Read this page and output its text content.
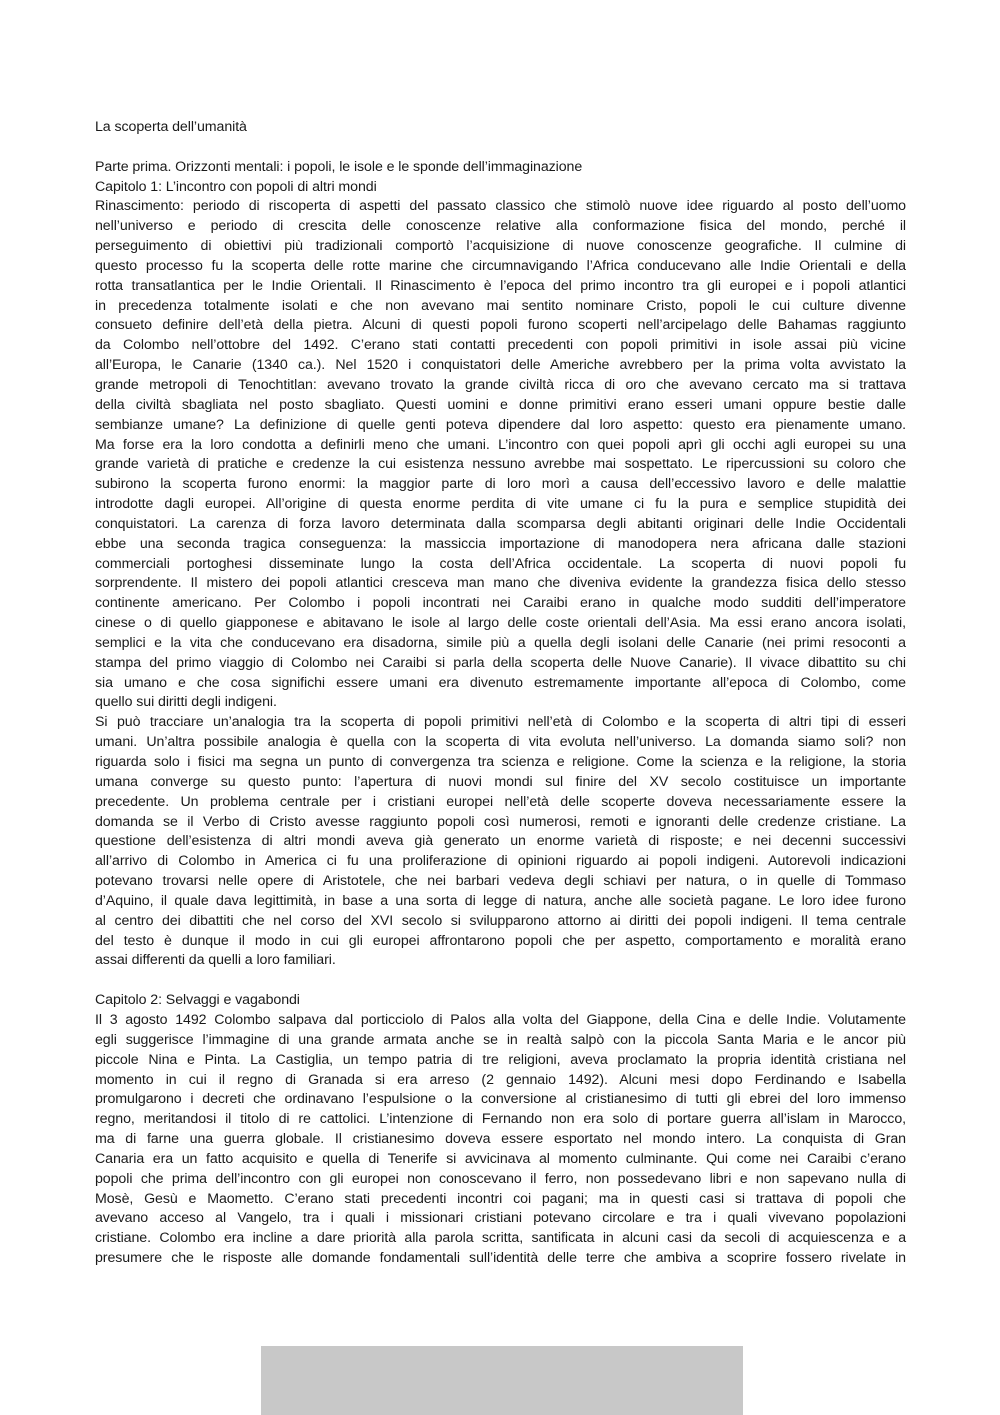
La scoperta dell’umanità
Parte prima. Orizzonti mentali: i popoli, le isole e le sponde dell’immaginazione
Capitolo 1: L’incontro con popoli di altri mondi
Rinascimento: periodo di riscoperta di aspetti del passato classico che stimolò nuove idee riguardo al posto dell’uomo
nell’universo e periodo di crescita delle conoscenze relative alla conformazione fisica del mondo, perché il
perseguimento di obiettivi più tradizionali comportò l’acquisizione di nuove conoscenze geografiche. Il culmine di
questo processo fu la scoperta delle rotte marine che circumnavigando l’Africa conducevano alle Indie Orientali e della
rotta transatlantica per le Indie Orientali. Il Rinascimento è l’epoca del primo incontro tra gli europei e i popoli atlantici
in precedenza totalmente isolati e che non avevano mai sentito nominare Cristo, popoli le cui culture divenne
consueto definire dell’età della pietra. Alcuni di questi popoli furono scoperti nell’arcipelago delle Bahamas raggiunto
da Colombo nell’ottobre del 1492. C’erano stati contatti precedenti con popoli primitivi in isole assai più vicine
all’Europa, le Canarie (1340 ca.). Nel 1520 i conquistatori delle Americhe avrebbero per la prima volta avvistato la
grande metropoli di Tenochtitlan: avevano trovato la grande civiltà ricca di oro che avevano cercato ma si trattava
della civiltà sbagliata nel posto sbagliato. Questi uomini e donne primitivi erano esseri umani oppure bestie dalle
sembianze umane? La definizione di quelle genti poteva dipendere dal loro aspetto: questo era pienamente umano.
Ma forse era la loro condotta a definirli meno che umani. L’incontro con quei popoli aprì gli occhi agli europei su una
grande varietà di pratiche e credenze la cui esistenza nessuno avrebbe mai sospettato. Le ripercussioni su coloro che
subirono la scoperta furono enormi: la maggior parte di loro morì a causa dell’eccessivo lavoro e delle malattie
introdotte dagli europei. All’origine di questa enorme perdita di vite umane ci fu la pura e semplice stupidità dei
conquistatori. La carenza di forza lavoro determinata dalla scomparsa degli abitanti originari delle Indie Occidentali
ebbe una seconda tragica conseguenza: la massiccia importazione di manodopera nera africana dalle stazioni
commerciali portoghesi disseminate lungo la costa dell’Africa occidentale. La scoperta di nuovi popoli fu
sorprendente. Il mistero dei popoli atlantici cresceva man mano che diveniva evidente la grandezza fisica dello stesso
continente americano. Per Colombo i popoli incontrati nei Caraibi erano in qualche modo sudditi dell’imperatore
cinese o di quello giapponese e abitavano le isole al largo delle coste orientali dell’Asia. Ma essi erano ancora isolati,
semplici e la vita che conducevano era disadorna, simile più a quella degli isolani delle Canarie (nei primi resoconti a
stampa del primo viaggio di Colombo nei Caraibi si parla della scoperta delle Nuove Canarie). Il vivace dibattito su chi
sia umano e che cosa significhi essere umani era divenuto estremamente importante all’epoca di Colombo, come
quello sui diritti degli indigeni.
Si può tracciare un’analogia tra la scoperta di popoli primitivi nell’età di Colombo e la scoperta di altri tipi di esseri
umani. Un’altra possibile analogia è quella con la scoperta di vita evoluta nell’universo. La domanda siamo soli? non
riguarda solo i fisici ma segna un punto di convergenza tra scienza e religione. Come la scienza e la religione, la storia
umana converge su questo punto: l’apertura di nuovi mondi sul finire del XV secolo costituisce un importante
precedente. Un problema centrale per i cristiani europei nell’età delle scoperte doveva necessariamente essere la
domanda se il Verbo di Cristo avesse raggiunto popoli così numerosi, remoti e ignoranti delle credenze cristiane. La
questione dell’esistenza di altri mondi aveva già generato un enorme varietà di risposte; e nei decenni successivi
all’arrivo di Colombo in America ci fu una proliferazione di opinioni riguardo ai popoli indigeni. Autorevoli indicazioni
potevano trovarsi nelle opere di Aristotele, che nei barbari vedeva degli schiavi per natura, o in quelle di Tommaso
d’Aquino, il quale dava legittimità, in base a una sorta di legge di natura, anche alle società pagane. Le loro idee furono
al centro dei dibattiti che nel corso del XVI secolo si svilupparono attorno ai diritti dei popoli indigeni. Il tema centrale
del testo è dunque il modo in cui gli europei affrontarono popoli che per aspetto, comportamento e moralità erano
assai differenti da quelli a loro familiari.
Capitolo 2: Selvaggi e vagabondi
Il 3 agosto 1492 Colombo salpava dal porticciolo di Palos alla volta del Giappone, della Cina e delle Indie. Volutamente
egli suggerisce l’immagine di una grande armata anche se in realtà salpò con la piccola Santa Maria e le ancor più
piccole Nina e Pinta. La Castiglia, un tempo patria di tre religioni, aveva proclamato la propria identità cristiana nel
momento in cui il regno di Granada si era arreso (2 gennaio 1492). Alcuni mesi dopo Ferdinando e Isabella
promulgarono i decreti che ordinavano l’espulsione o la conversione al cristianesimo di tutti gli ebrei del loro immenso
regno, meritandosi il titolo di re cattolici. L’intenzione di Fernando non era solo di portare guerra all’islam in Marocco,
ma di farne una guerra globale. Il cristianesimo doveva essere esportato nel mondo intero. La conquista di Gran
Canaria era un fatto acquisito e quella di Tenerife si avvicinava al momento culminante. Qui come nei Caraibi c’erano
popoli che prima dell’incontro con gli europei non conoscevano il ferro, non possedevano libri e non sapevano nulla di
Mosè, Gesù e Maometto. C’erano stati precedenti incontri coi pagani; ma in questi casi si trattava di popoli che
avevano acceso al Vangelo, tra i quali i missionari cristiani potevano circolare e tra i quali vivevano popolazioni
cristiane. Colombo era incline a dare priorità alla parola scritta, santificata in alcuni casi da secoli di acquiescenza e a
presumere che le risposte alle domande fondamentali sull’identità delle terre che ambiva a scoprire fossero rivelate in
